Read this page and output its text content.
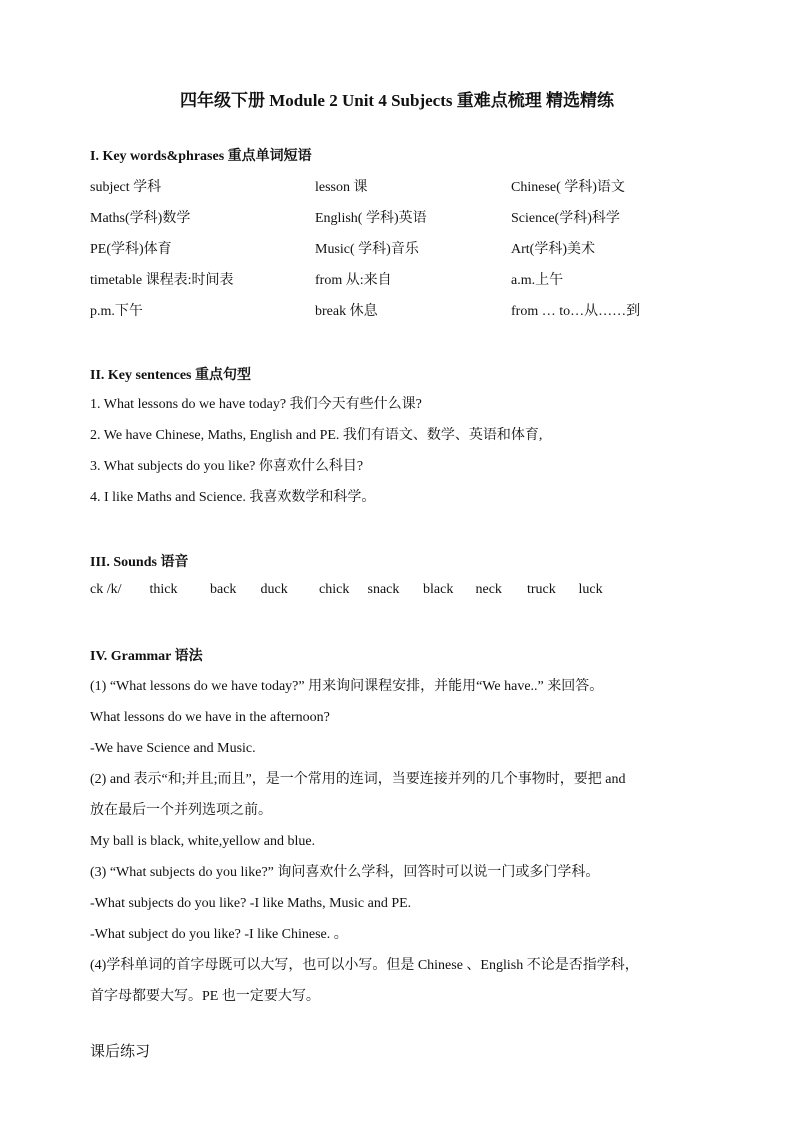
四年级下册 Module 2 Unit 4 Subjects 重难点梳理 精选精练
I. Key words&phrases 重点单词短语
subject 学科	lesson 课	Chinese( 学科)语文
Maths(学科)数学	English( 学科)英语	Science(学科)科学
PE(学科)体育	Music( 学科)音乐	Art(学科)美术
timetable 课程表:时间表	from 从:来自	a.m.上午
p.m.下午	break 休息	from … to…从……到
II. Key sentences 重点句型
1. What lessons do we have today? 我们今天有些什么课?
2. We have Chinese, Maths, English and PE. 我们有语文、数学、英语和体育,
3. What subjects do you like? 你喜欢什么科目?
4. I like Maths and Science. 我喜欢数学和科学。
III. Sounds 语音
ck /k/ thick back duck chick snack black neck truck luck
IV. Grammar 语法
(1) “What lessons do we have today?” 用来询问课程安排，并能用“We have..” 来回答。
What lessons do we have in the afternoon?
-We have Science and Music.
(2) and 表示“和;并且;而且”，是一个常用的连词，当要连接并列的几个事物时，要把 and
放在最后一个并列选项之前。
My ball is black, white,yellow and blue.
(3) “What subjects do you like?” 询问喜欢什么学科，回答时可以说一门或多门学科。
-What subjects do you like? -I like Maths, Music and PE.
-What subject do you like? -I like Chinese. 。
(4)学科单词的首字母既可以大写，也可以小写。但是 Chinese 、English 不论是否指学科，
首字母都要大写。PE 也一定要大写。
课后练习
